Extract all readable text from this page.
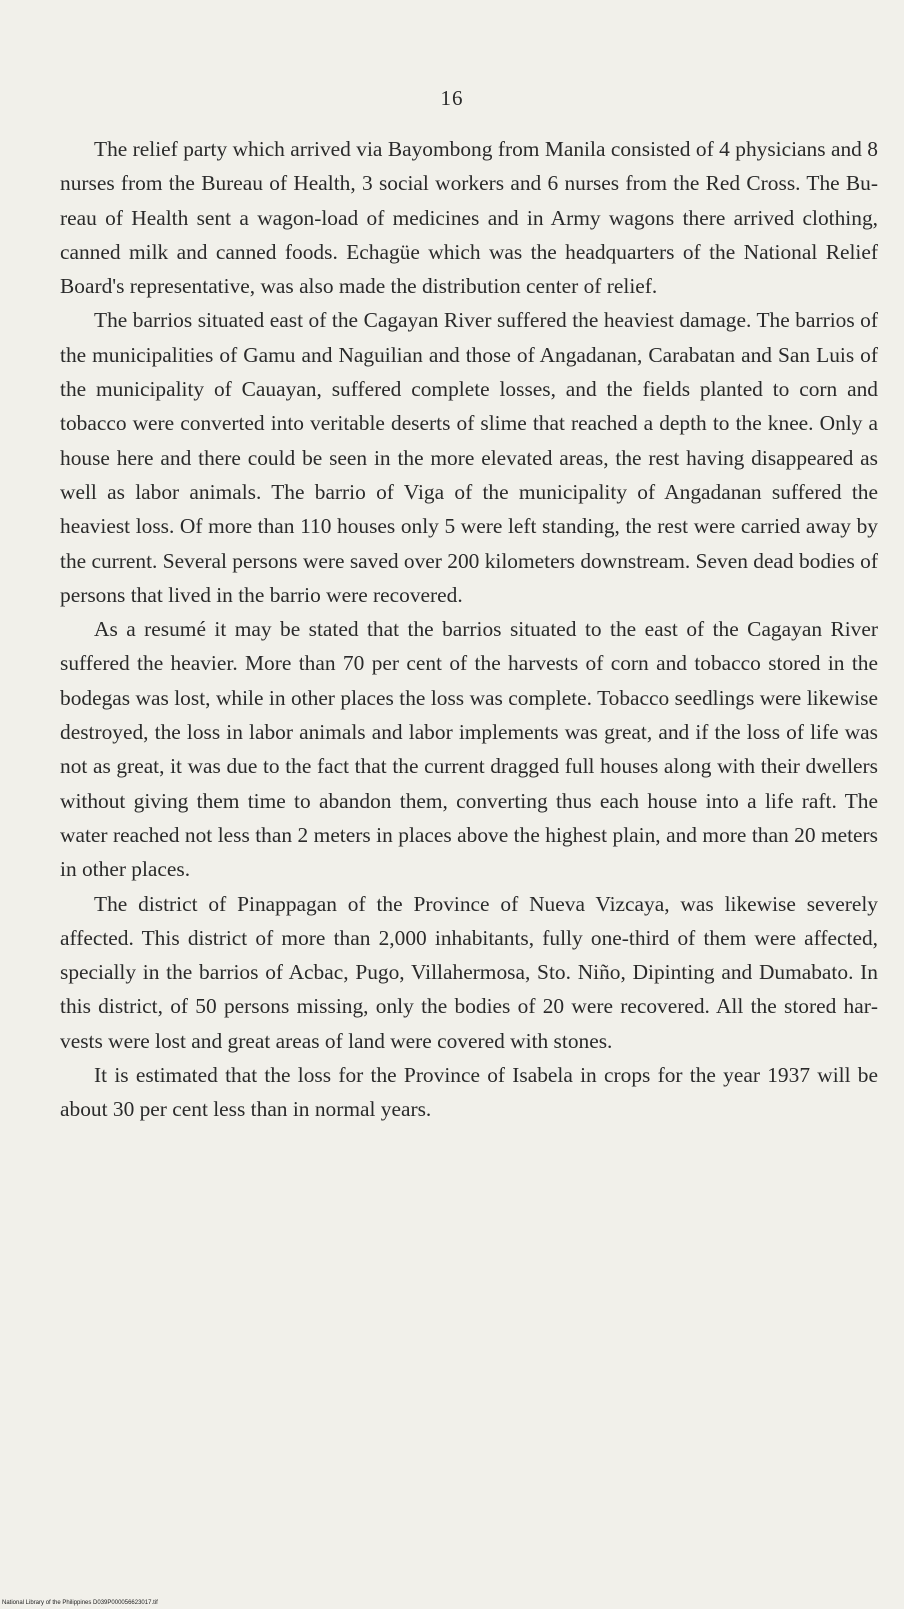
16

The relief party which arrived via Bayombong from Manila consisted of 4 physicians and 8 nurses from the Bureau of Health, 3 social workers and 6 nurses from the Red Cross. The Bureau of Health sent a wagon-load of medicines and in Army wagons there arrived clothing, canned milk and canned foods. Echagüe which was the headquarters of the National Relief Board's representative, was also made the distribution center of relief.

The barrios situated east of the Cagayan River suffered the heaviest damage. The barrios of the municipalities of Gamu and Naguilian and those of Angadanan, Carabatan and San Luis of the municipality of Cauayan, suffered complete losses, and the fields planted to corn and tobacco were converted into veritable deserts of slime that reached a depth to the knee. Only a house here and there could be seen in the more elevated areas, the rest having disappeared as well as labor animals. The barrio of Viga of the municipality of Angadanan suffered the heaviest loss. Of more than 110 houses only 5 were left standing, the rest were carried away by the current. Several persons were saved over 200 kilometers downstream. Seven dead bodies of persons that lived in the barrio were recovered.

As a resumé it may be stated that the barrios situated to the east of the Cagayan River suffered the heavier. More than 70 per cent of the harvests of corn and tobacco stored in the bodegas was lost, while in other places the loss was complete. Tobacco seedlings were likewise destroyed, the loss in labor animals and labor implements was great, and if the loss of life was not as great, it was due to the fact that the current dragged full houses along with their dwellers without giving them time to abandon them, converting thus each house into a life raft. The water reached not less than 2 meters in places above the highest plain, and more than 20 meters in other places.

The district of Pinappagan of the Province of Nueva Vizcaya, was likewise severely affected. This district of more than 2,000 inhabitants, fully one-third of them were affected, specially in the barrios of Acbac, Pugo, Villahermosa, Sto. Niño, Dipinting and Dumabato. In this district, of 50 persons missing, only the bodies of 20 were recovered. All the stored harvests were lost and great areas of land were covered with stones.

It is estimated that the loss for the Province of Isabela in crops for the year 1937 will be about 30 per cent less than in normal years.

National Library of the Philippines D039P000056623017.tif
